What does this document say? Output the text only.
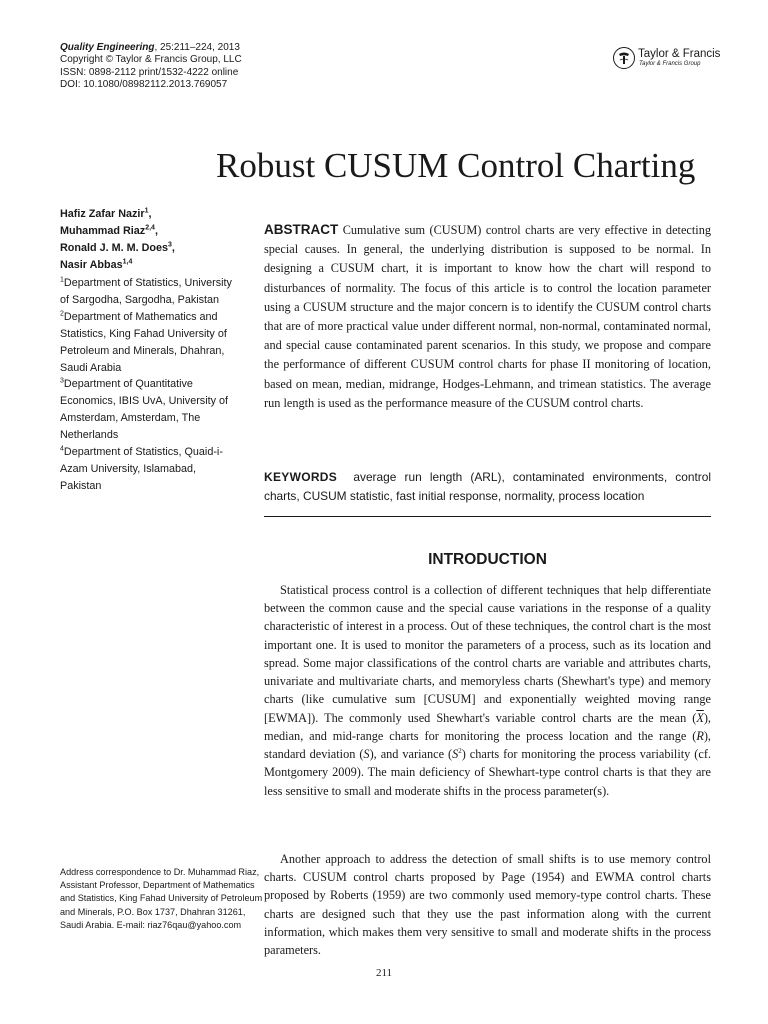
Quality Engineering, 25:211–224, 2013
Copyright © Taylor & Francis Group, LLC
ISSN: 0898-2112 print/1532-4222 online
DOI: 10.1080/08982112.2013.769057
Taylor & Francis
Taylor & Francis Group
Robust CUSUM Control Charting
Hafiz Zafar Nazir$^1$,
Muhammad Riaz$^{2,4}$,
Ronald J. M. M. Does$^3$,
Nasir Abbas$^{1,4}$
$^1$Department of Statistics, University of Sargodha, Sargodha, Pakistan
$^2$Department of Mathematics and Statistics, King Fahad University of Petroleum and Minerals, Dhahran, Saudi Arabia
$^3$Department of Quantitative Economics, IBIS UvA, University of Amsterdam, Amsterdam, The Netherlands
$^4$Department of Statistics, Quaid-i-Azam University, Islamabad, Pakistan
ABSTRACT Cumulative sum (CUSUM) control charts are very effective in detecting special causes. In general, the underlying distribution is supposed to be normal. In designing a CUSUM chart, it is important to know how the chart will respond to disturbances of normality. The focus of this article is to control the location parameter using a CUSUM structure and the major concern is to identify the CUSUM control charts that are of more practical value under different normal, non-normal, contaminated normal, and special cause contaminated parent scenarios. In this study, we propose and compare the performance of different CUSUM control charts for phase II monitoring of location, based on mean, median, midrange, Hodges-Lehmann, and trimean statistics. The average run length is used as the performance measure of the CUSUM control charts.
KEYWORDS average run length (ARL), contaminated environments, control charts, CUSUM statistic, fast initial response, normality, process location
INTRODUCTION
Statistical process control is a collection of different techniques that help differentiate between the common cause and the special cause variations in the response of a quality characteristic of interest in a process. Out of these techniques, the control chart is the most important one. It is used to monitor the parameters of a process, such as its location and spread. Some major classifications of the control charts are variable and attributes charts, univariate and multivariate charts, and memoryless charts (Shewhart's type) and memory charts (like cumulative sum [CUSUM] and exponentially weighted moving range [EWMA]). The commonly used Shewhart's variable control charts are the mean $(\overline{X})$, median, and mid-range charts for monitoring the process location and the range (R), standard deviation (S), and variance $(S^2)$ charts for monitoring the process variability (cf. Montgomery 2009). The main deficiency of Shewhart-type control charts is that they are less sensitive to small and moderate shifts in the process parameter(s).
Another approach to address the detection of small shifts is to use memory control charts. CUSUM control charts proposed by Page (1954) and EWMA control charts proposed by Roberts (1959) are two commonly used memory-type control charts. These charts are designed such that they use the past information along with the current information, which makes them very sensitive to small and moderate shifts in the process parameters.
Address correspondence to Dr. Muhammad Riaz, Assistant Professor, Department of Mathematics and Statistics, King Fahad University of Petroleum and Minerals, P.O. Box 1737, Dhahran 31261, Saudi Arabia. E-mail: riaz76qau@yahoo.com
211
